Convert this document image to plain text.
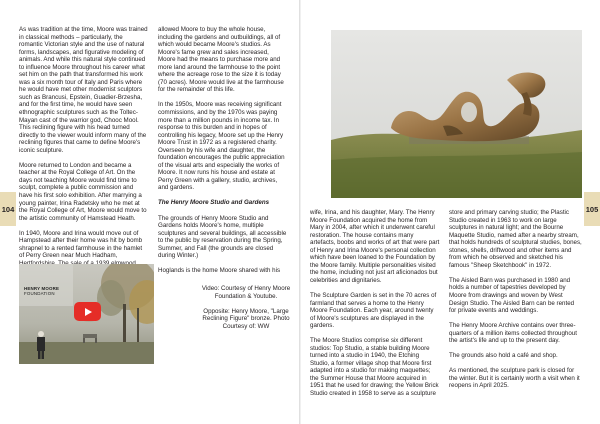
104	105

As was tradition at the time, Moore was trained in classical methods – particularly, the romantic Victorian style and the use of natural forms, landscapes, and figurative modeling of animals. And while this natural style continued to influence Moore throughout his career what set him on the path that transformed his work was a six month tour of Italy and Paris where he would have met other modernist sculptors such as Brancusi, Epstein, Guadier-Brzesha, and for the first time, he would have seen ethnographic sculptures such as the Toltec- Mayan cast of the warrior god, Chooc Mool. This reclining figure with his head turned directly to the viewer would inform many of the reclining figures that came to define Moore's iconic sculpture.

Moore returned to London and became a teacher at the Royal College of Art. On the days not teaching Moore would find time to sculpt, complete a public commission and have his first solo exhibition. After marrying a young painter, Irina Radetsky who he met at the Royal College of Art, Moore would move to the artistic community of Hamstead Heath.

In 1940, Moore and Irina would move out of Hampstead after their home was hit by bomb shrapnel to a rented farmhouse in the hamlet of Perry Green near Much Hadham,

allowed Moore to buy the whole house, including the gardens and outbuildings, all of which would became Moore's studios. As Moore's fame grew and sales increased, Moore had the means to purchase more and more land around the farmhouse to the point where the acreage rose to the size it is today (70 acres). Moore would live at the farmhouse for the remainder of this life.

In the 1950s, Moore was receiving significant commissions, and by the 1970s was paying more than a million pounds in income tax. In response to this burden and in hopes of controlling his legacy, Moore set up the Henry Moore Trust in 1972 as a registered charity. Overseen by his wife and daughter, the foundation encourages the public appreciation of the visual arts and especially the works of Moore. It now runs his house and estate at Perry Green with a gallery, studio, archives, and gardens.

The Henry Moore Studio and Gardens

The grounds of Henry Moore Studio and Gardens holds Moore's home, multiple sculptures and several buildings, all accessible to the public by reservation during the Spring, Summer, and Fall (the grounds are closed during Winter.)

Hoglands is the home Moore shared with his

HENRY MOORE
FOUNDATION

Video: Courtesy of Henry Moore Foundation & Youtube.

Opposite: Henry Moore, "Large Reclining Figure" bronze. Photo Courtesy of: WW

wife, Irina, and his daughter, Mary. The Henry Moore Foundation acquired the home from Mary in 2004, after which it underwent careful restoration. The house contains many artefacts, boobs and works of art that were part of Henry and Irina Moore's personal collection which have been loaned to the Foundation by the Moore family. Multiple personalities visited the home, including not just art aficionados but celebrities and dignitaries.

The Sculpture Garden is set in the 70 acres of farmland that serves a home to the Henry Moore Foundation. Each year, around twenty of Moore's sculptures are displayed in the gardens.

The Moore Studios comprise six different studios: Top Studio, a stable building Moore turned into a studio in 1940, the Etching Studio, a former village shop that Moore first adapted into a studio for making maquettes; the Summer House that Moore acquired in 1951 that he used for drawing; the Yellow Brick Studio created in 1958 to serve as a sculpture

store and primary carving studio; the Plastic Studio created in 1963 to work on large sculptures in natural light; and the Bourne Maquette Studio, named after a nearby stream, that holds hundreds of sculptural studies, bones, stones, shells, driftwood and other items and from which he observed and sketched his famous "Sheep Sketchbook" in 1972.

The Aisled Barn was purchased in 1980 and holds a number of tapestries developed by Moore from drawings and woven by West Design Studio. The Aisled Barn can be rented for private events and weddings.

The Henry Moore Archive contains over three-quarters of a million items collected throughout the artist's life and up to the present day.

The grounds also hold a café and shop.

As mentioned, the sculpture park is closed for the winter. But it is certainly worth a visit when it reopens in April 2025.
